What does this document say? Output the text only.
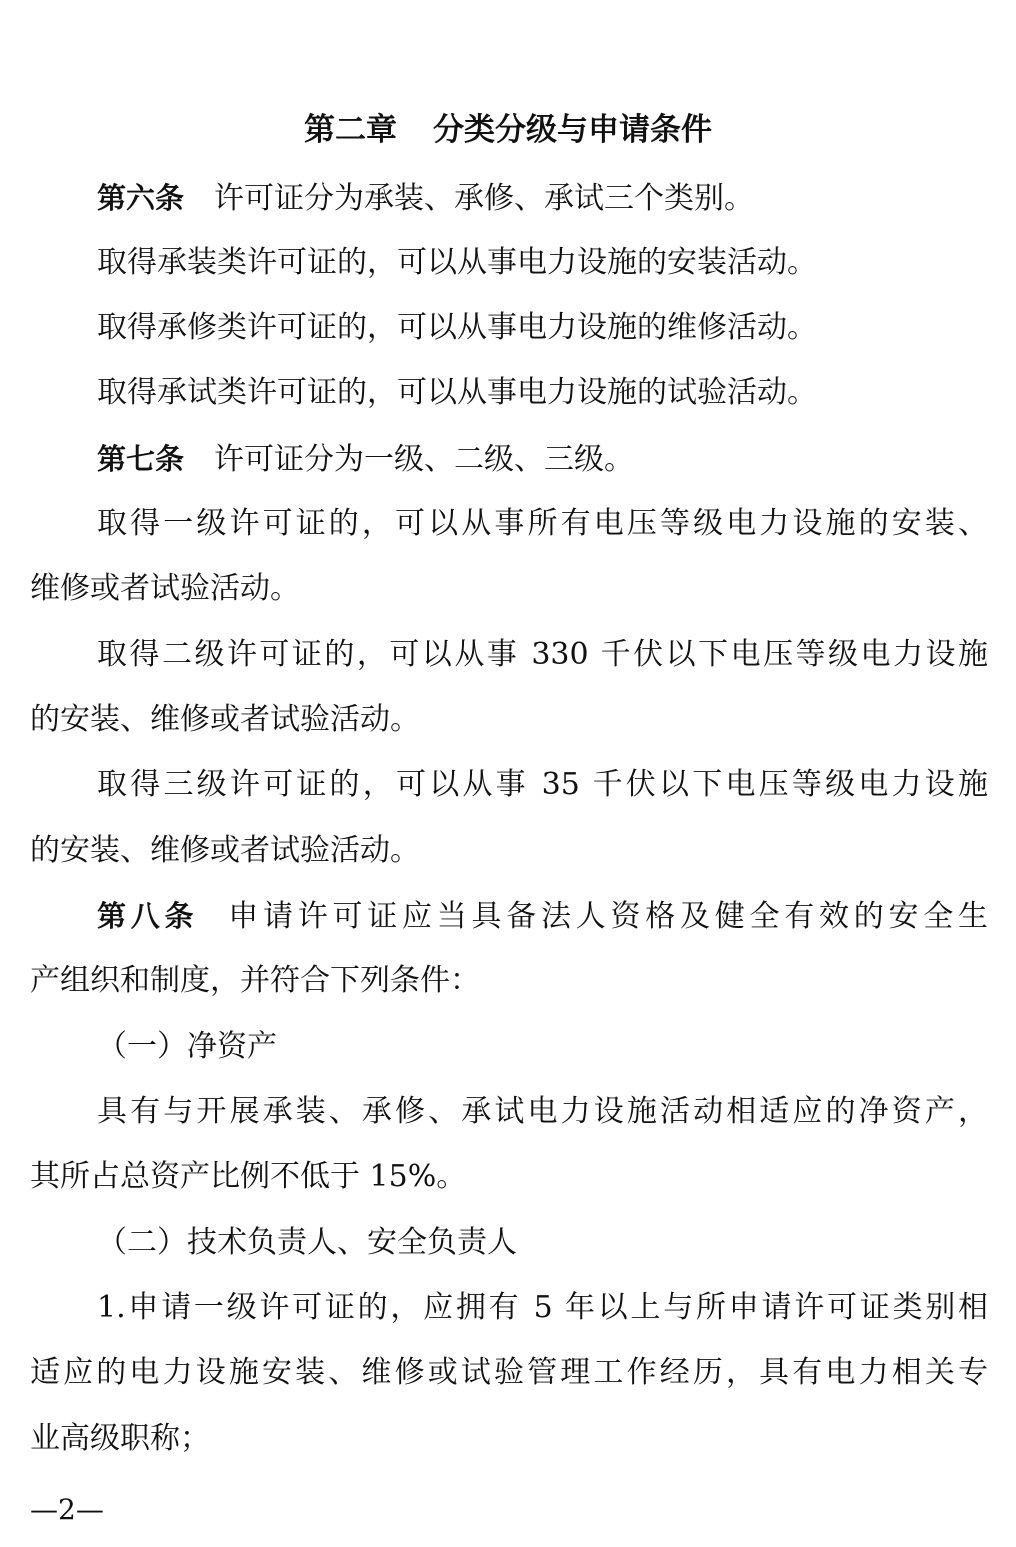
第二章 分类分级与申请条件

第六条 许可证分为承装、承修、承试三个类别。

取得承装类许可证的，可以从事电力设施的安装活动。

取得承修类许可证的，可以从事电力设施的维修活动。

取得承试类许可证的，可以从事电力设施的试验活动。

第七条 许可证分为一级、二级、三级。

取得一级许可证的，可以从事所有电压等级电力设施的安装、

维修或者试验活动。

取得二级许可证的，可以从事 330 千伏以下电压等级电力设施

的安装、维修或者试验活动。

取得三级许可证的，可以从事 35 千伏以下电压等级电力设施

的安装、维修或者试验活动。

第八条 申请许可证应当具备法人资格及健全有效的安全生

产组织和制度，并符合下列条件：

（一）净资产

具有与开展承装、承修、承试电力设施活动相适应的净资产，

其所占总资产比例不低于 15%。

（二）技术负责人、安全负责人

1.申请一级许可证的，应拥有 5 年以上与所申请许可证类别相

适应的电力设施安装、维修或试验管理工作经历，具有电力相关专

业高级职称；

—2—
